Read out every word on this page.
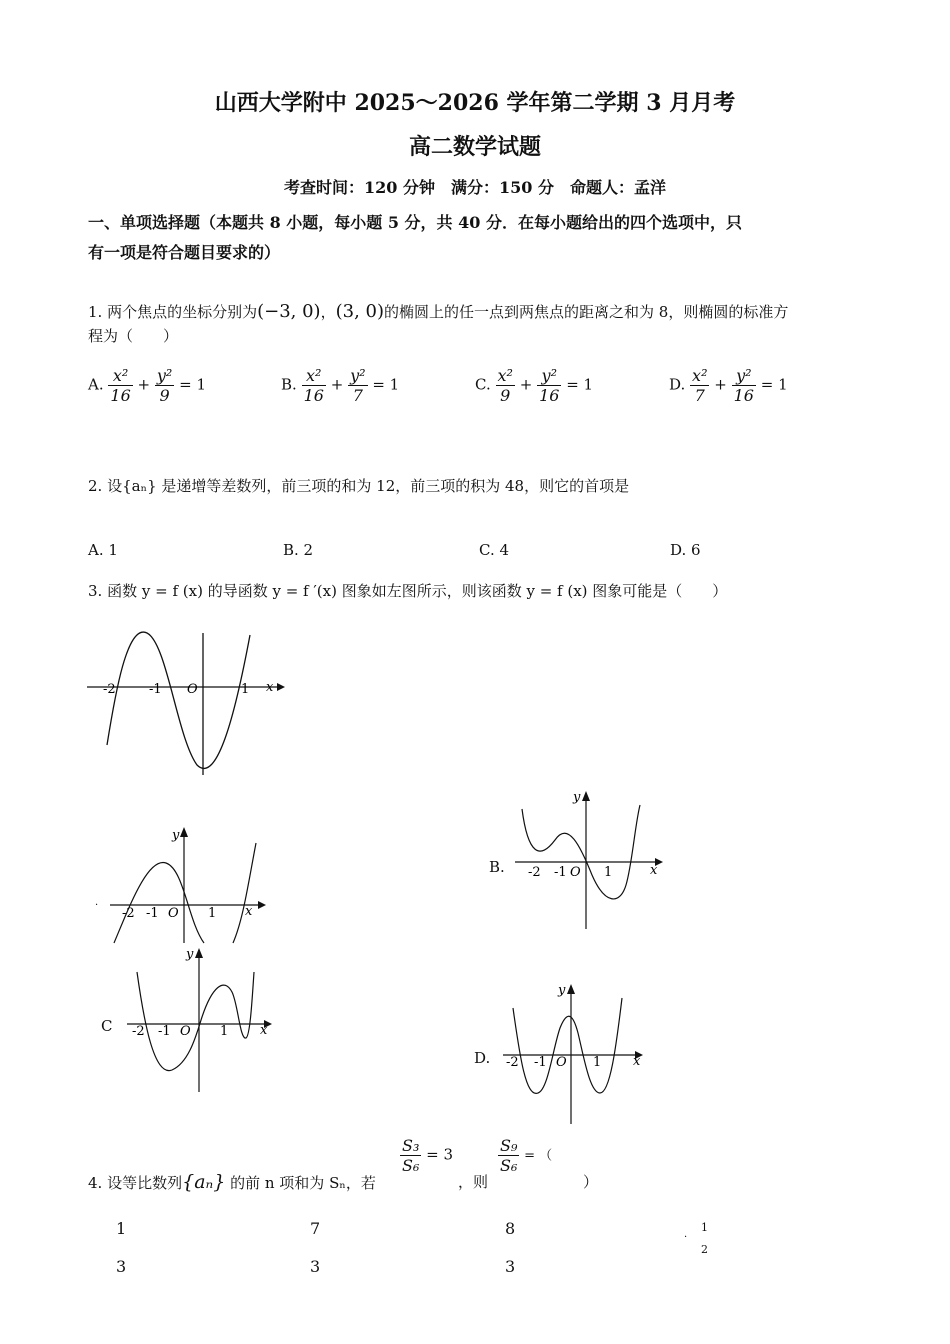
山西大学附中 2025～2026 学年第二学期 3 月月考
高二数学试题
考查时间：120 分钟　满分：150 分　命题人：孟洋
一、单项选择题（本题共 8 小题，每小题 5 分，共 40 分．在每小题给出的四个选项中，只
有一项是符合题目要求的）
1. 两个焦点的坐标分别为(−3, 0)，(3, 0)的椭圆上的任一点到两焦点的距离之和为 8，则椭圆的标准方
程为（　　）
A. $\frac{\text{x²}}{16} + \frac{\text{y²}}{9} = 1$	B. $\frac{\text{x²}}{16} + \frac{\text{y²}}{7} = 1$	C. $\frac{\text{x²}}{9} + \frac{\text{y²}}{16} = 1$	D. $\frac{\text{x²}}{7} + \frac{\text{y²}}{16} = 1$
2. 设{aₙ} 是递增等差数列，前三项的和为 12，前三项的积为 48，则它的首项是
A. 1	B. 2	C. 4	D. 6
3. 函数 y = f (x) 的导函数 y = f ′(x) 图象如左图所示，则该函数 y = f (x) 图象可能是（　　）
-2	-1 O	1 x
·
-2 -1 O 1 x
y
B. -2 -1 O 1	x
y
C -2 -1 O 1 x
y
D. -2 -1 O 1 x
y
4. 设等比数列{aₙ} 的前 n 项和为 Sₙ，若
$\frac{\text{S₃}}{\text{S₆}} = 3$
，则
$\frac{\text{S₉}}{\text{S₆}}$ = （
）
1
3
7
3
8
3
·
1
2
